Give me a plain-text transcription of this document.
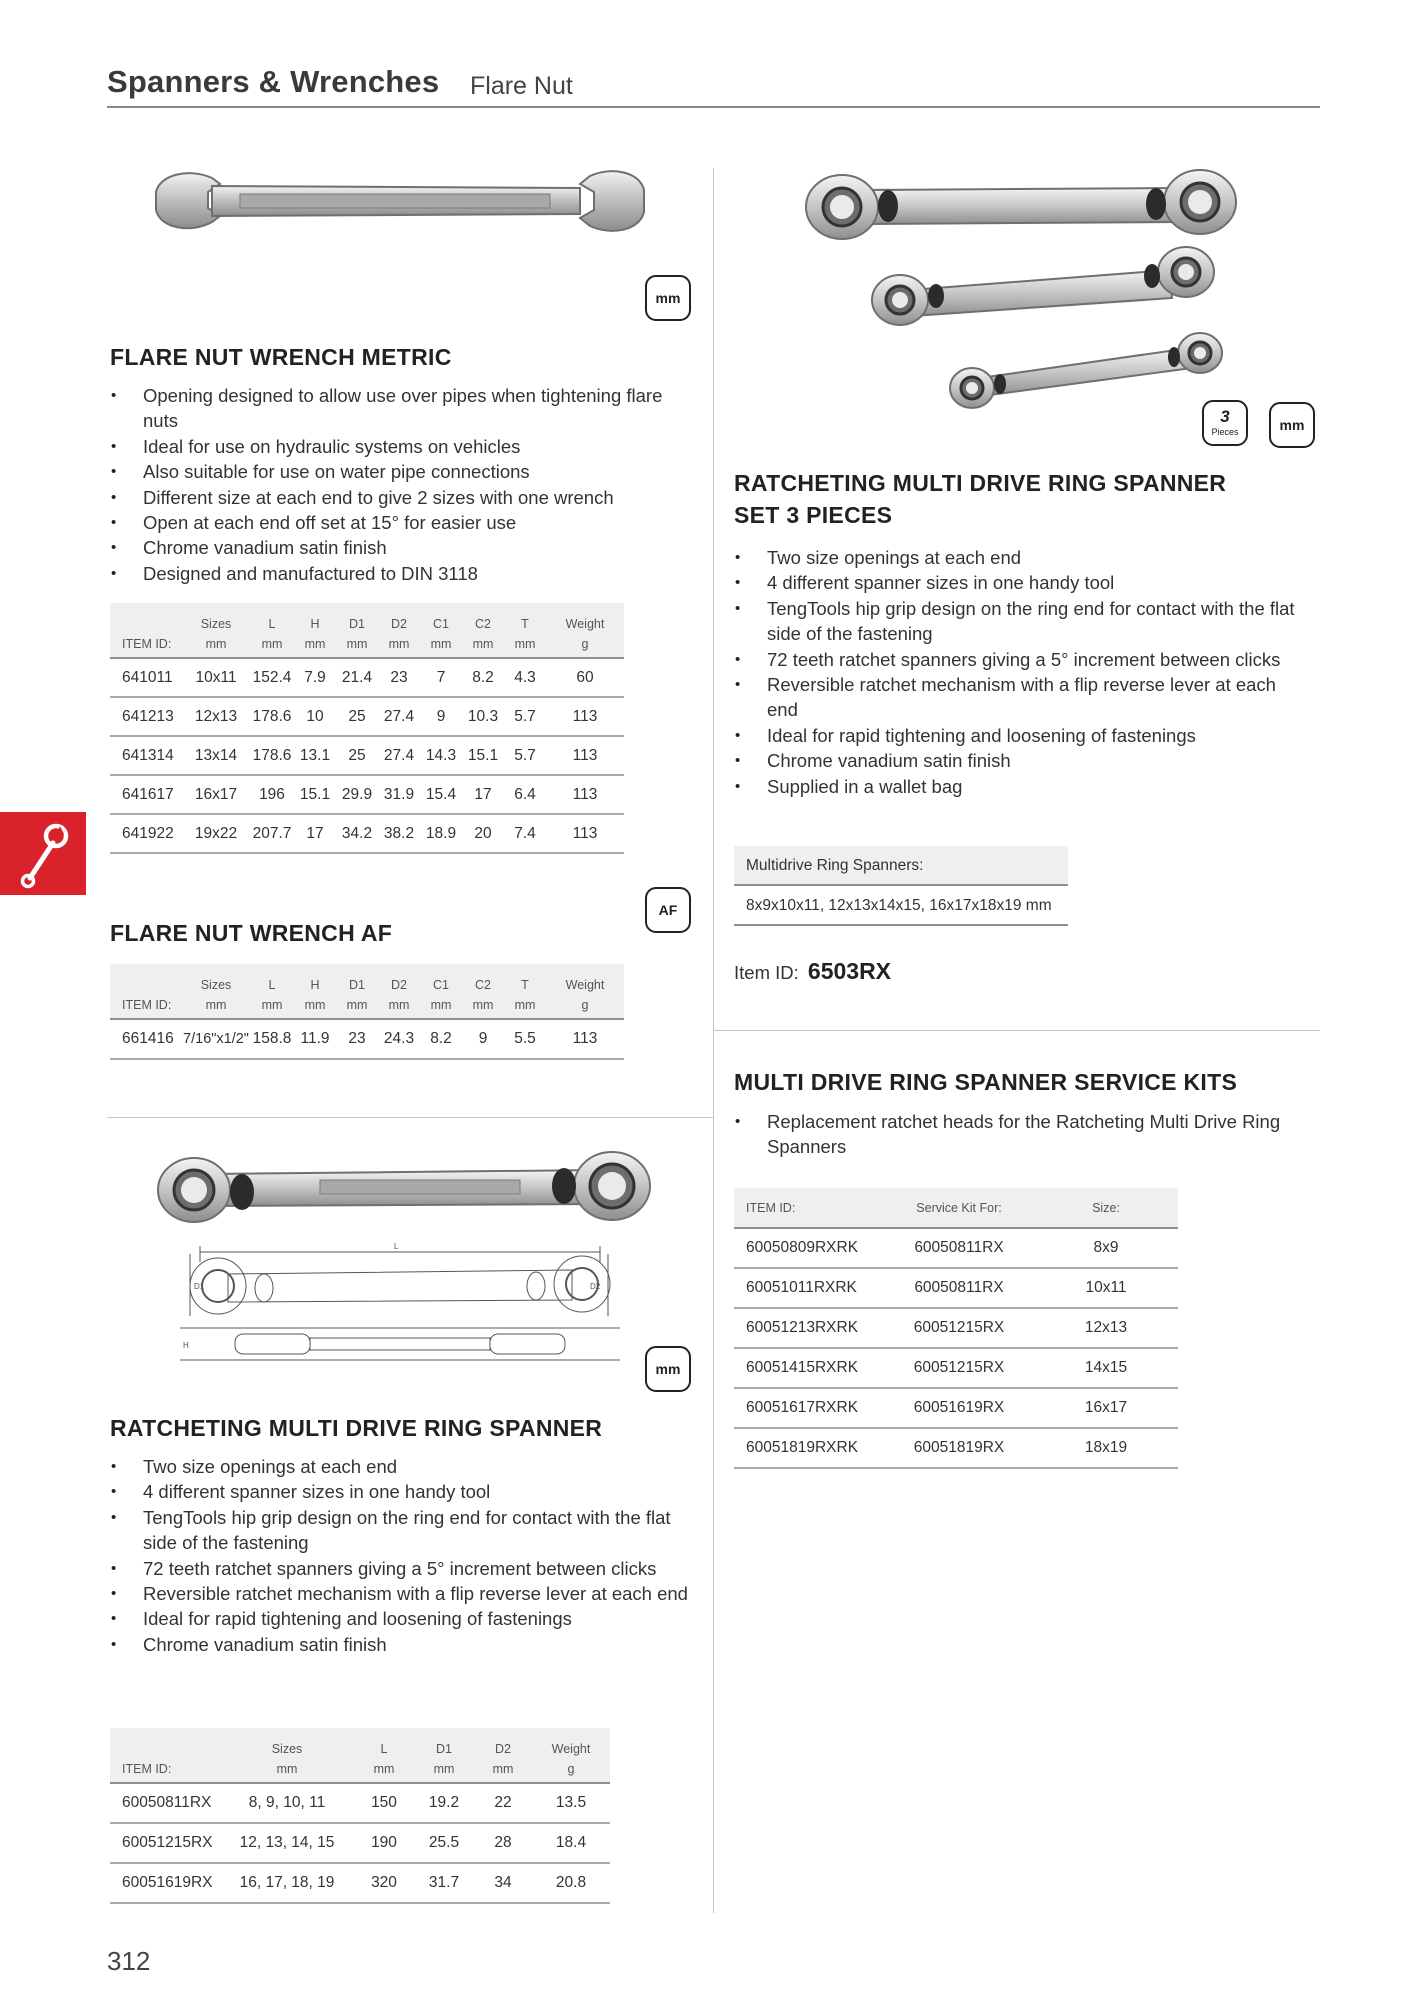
Spanners & Wrenches Flare Nut
mm
FLARE NUT WRENCH METRIC
• Opening designed to allow use over pipes when tightening flare nuts
• Ideal for use on hydraulic systems on vehicles
• Also suitable for use on water pipe connections
• Different size at each end to give 2 sizes with one wrench
• Open at each end off set at 15° for easier use
• Chrome vanadium satin finish
• Designed and manufactured to DIN 3118
	Sizes	L	H	D1	D2	C1	C2	T	Weight
ITEM ID:	mm	mm	mm	mm	mm	mm	mm	mm	g
641011	10x11	152.4	7.9	21.4	23	7	8.2	4.3	60
641213	12x13	178.6	10	25	27.4	9	10.3	5.7	113
641314	13x14	178.6	13.1	25	27.4	14.3	15.1	5.7	113
641617	16x17	196	15.1	29.9	31.9	15.4	17	6.4	113
641922	19x22	207.7	17	34.2	38.2	18.9	20	7.4	113
AF
FLARE NUT WRENCH AF
	Sizes	L	H	D1	D2	C1	C2	T	Weight
ITEM ID:	mm	mm	mm	mm	mm	mm	mm	mm	g
661416	7/16"x1/2"	158.8	11.9	23	24.3	8.2	9	5.5	113
L
D1	D2
H
mm
RATCHETING MULTI DRIVE RING SPANNER
• Two size openings at each end
• 4 different spanner sizes in one handy tool
• TengTools hip grip design on the ring end for contact with the flat side of the fastening
• 72 teeth ratchet spanners giving a 5° increment between clicks
• Reversible ratchet mechanism with a flip reverse lever at each end
• Ideal for rapid tightening and loosening of fastenings
• Chrome vanadium satin finish
	Sizes	L	D1	D2	Weight
ITEM ID:	mm	mm	mm	mm	g
60050811RX	8, 9, 10, 11	150	19.2	22	13.5
60051215RX	12, 13, 14, 15	190	25.5	28	18.4
60051619RX	16, 17, 18, 19	320	31.7	34	20.8
3
Pieces	mm
RATCHETING MULTI DRIVE RING SPANNER
SET 3 PIECES
• Two size openings at each end
• 4 different spanner sizes in one handy tool
• TengTools hip grip design on the ring end for contact with the flat side of the fastening
• 72 teeth ratchet spanners giving a 5° increment between clicks
• Reversible ratchet mechanism with a flip reverse lever at each end
• Ideal for rapid tightening and loosening of fastenings
• Chrome vanadium satin finish
• Supplied in a wallet bag
Multidrive Ring Spanners:
8x9x10x11, 12x13x14x15, 16x17x18x19 mm
Item ID: 6503RX
MULTI DRIVE RING SPANNER SERVICE KITS
• Replacement ratchet heads for the Ratcheting Multi Drive Ring Spanners
ITEM ID:	Service Kit For:	Size:
60050809RXRK	60050811RX	8x9
60051011RXRK	60050811RX	10x11
60051213RXRK	60051215RX	12x13
60051415RXRK	60051215RX	14x15
60051617RXRK	60051619RX	16x17
60051819RXRK	60051819RX	18x19
312
